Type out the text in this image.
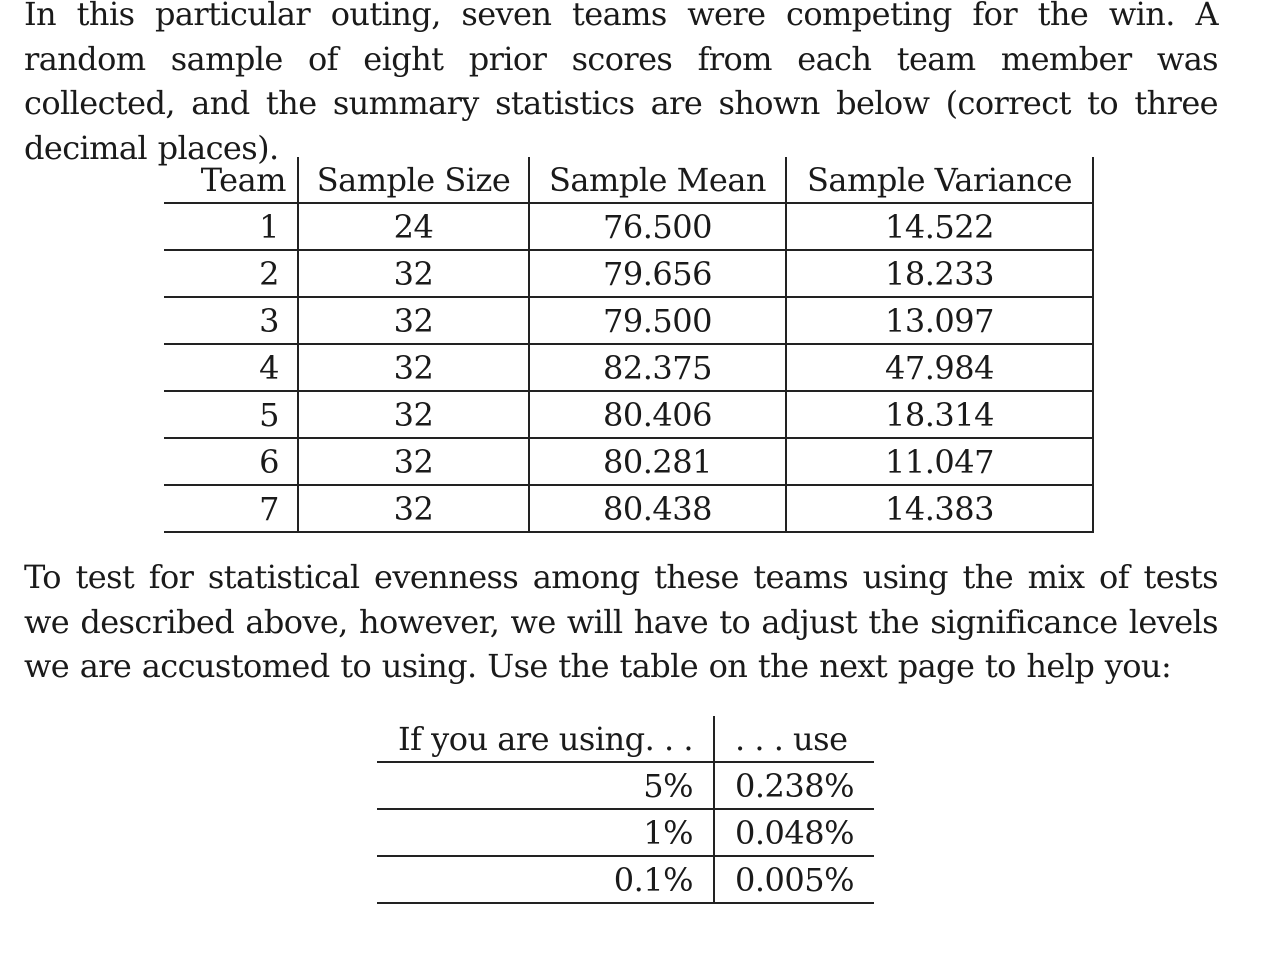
In this particular outing, seven teams were competing for the win. A random sample of eight prior scores from each team member was collected, and the summary statistics are shown below (correct to three decimal places).

Team	Sample Size	Sample Mean	Sample Variance
1	24	76.500	14.522
2	32	79.656	18.233
3	32	79.500	13.097
4	32	82.375	47.984
5	32	80.406	18.314
6	32	80.281	11.047
7	32	80.438	14.383

To test for statistical evenness among these teams using the mix of tests we described above, however, we will have to adjust the significance levels we are accustomed to using. Use the table on the next page to help you:

If you are using. . .	. . . use
5%	0.238%
1%	0.048%
0.1%	0.005%
